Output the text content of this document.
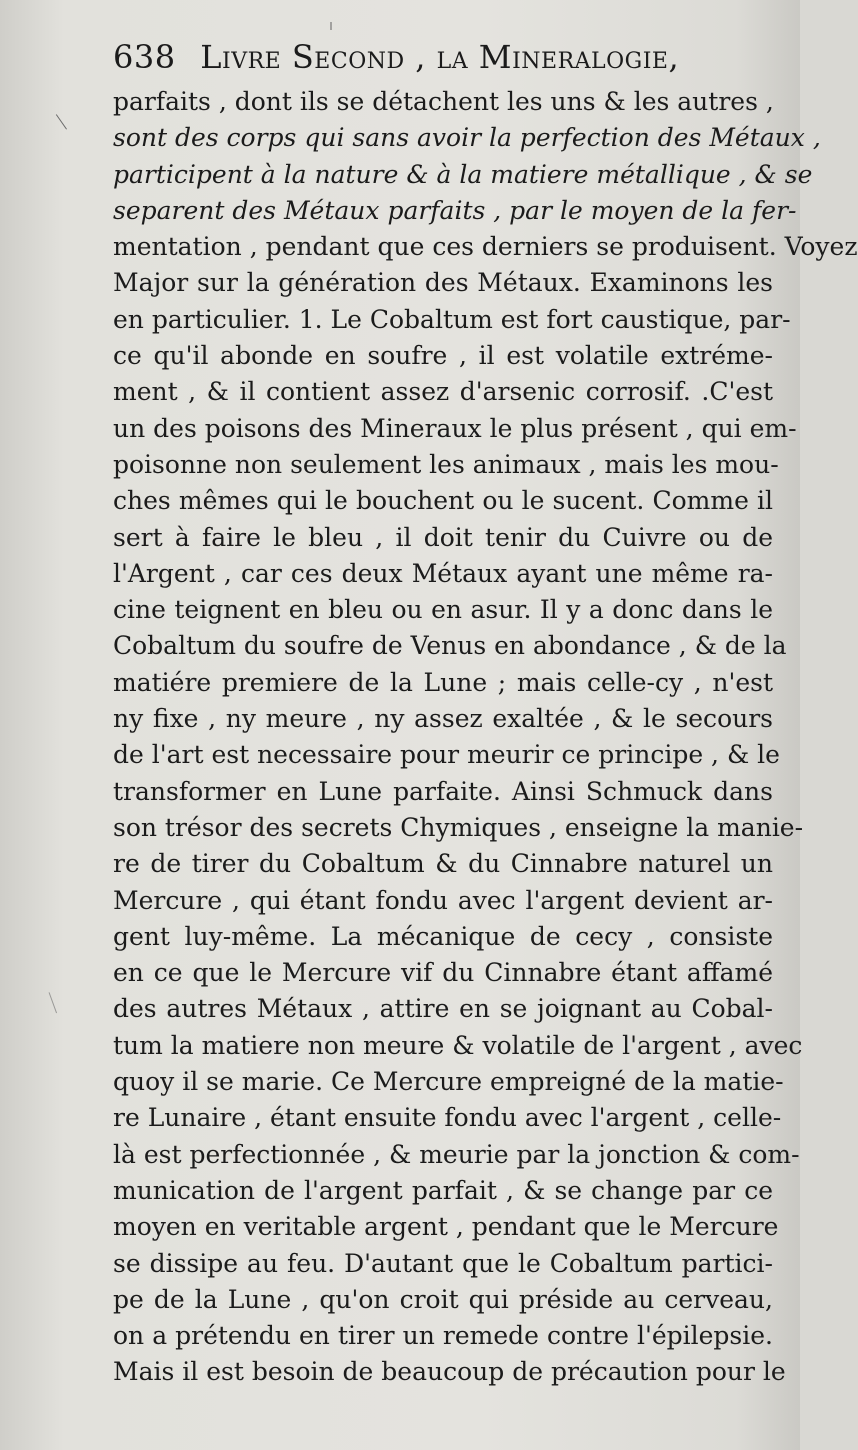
638 Livre Second , la Mineralogie,
parfaits , dont ils se détachent les uns & les autres ,
sont des corps qui sans avoir la perfection des Métaux ,
participent à la nature & à la matiere métallique , & se
separent des Métaux parfaits , par le moyen de la fer-
mentation , pendant que ces derniers se produisent. Voyez
Major sur la génération des Métaux. Examinons les
en particulier. 1. Le Cobaltum est fort caustique, par-
ce qu'il abonde en soufre , il est volatile extréme-
ment , & il contient assez d'arsenic corrosif. .C'est
un des poisons des Mineraux le plus présent , qui em-
poisonne non seulement les animaux , mais les mou-
ches mêmes qui le bouchent ou le sucent. Comme il
sert à faire le bleu , il doit tenir du Cuivre ou de
l'Argent , car ces deux Métaux ayant une même ra-
cine teignent en bleu ou en asur. Il y a donc dans le
Cobaltum du soufre de Venus en abondance , & de la
matiére premiere de la Lune ; mais celle-cy , n'est
ny fixe , ny meure , ny assez exaltée , & le secours
de l'art est necessaire pour meurir ce principe , & le
transformer en Lune parfaite. Ainsi Schmuck dans
son trésor des secrets Chymiques , enseigne la manie-
re de tirer du Cobaltum & du Cinnabre naturel un
Mercure , qui étant fondu avec l'argent devient ar-
gent luy-même. La mécanique de cecy , consiste
en ce que le Mercure vif du Cinnabre étant affamé
des autres Métaux , attire en se joignant au Cobal-
tum la matiere non meure & volatile de l'argent , avec
quoy il se marie. Ce Mercure empreigné de la matie-
re Lunaire , étant ensuite fondu avec l'argent , celle-
là est perfectionnée , & meurie par la jonction & com-
munication de l'argent parfait , & se change par ce
moyen en veritable argent , pendant que le Mercure
se dissipe au feu. D'autant que le Cobaltum partici-
pe de la Lune , qu'on croit qui préside au cerveau,
on a prétendu en tirer un remede contre l'épilepsie.
Mais il est besoin de beaucoup de précaution pour le
